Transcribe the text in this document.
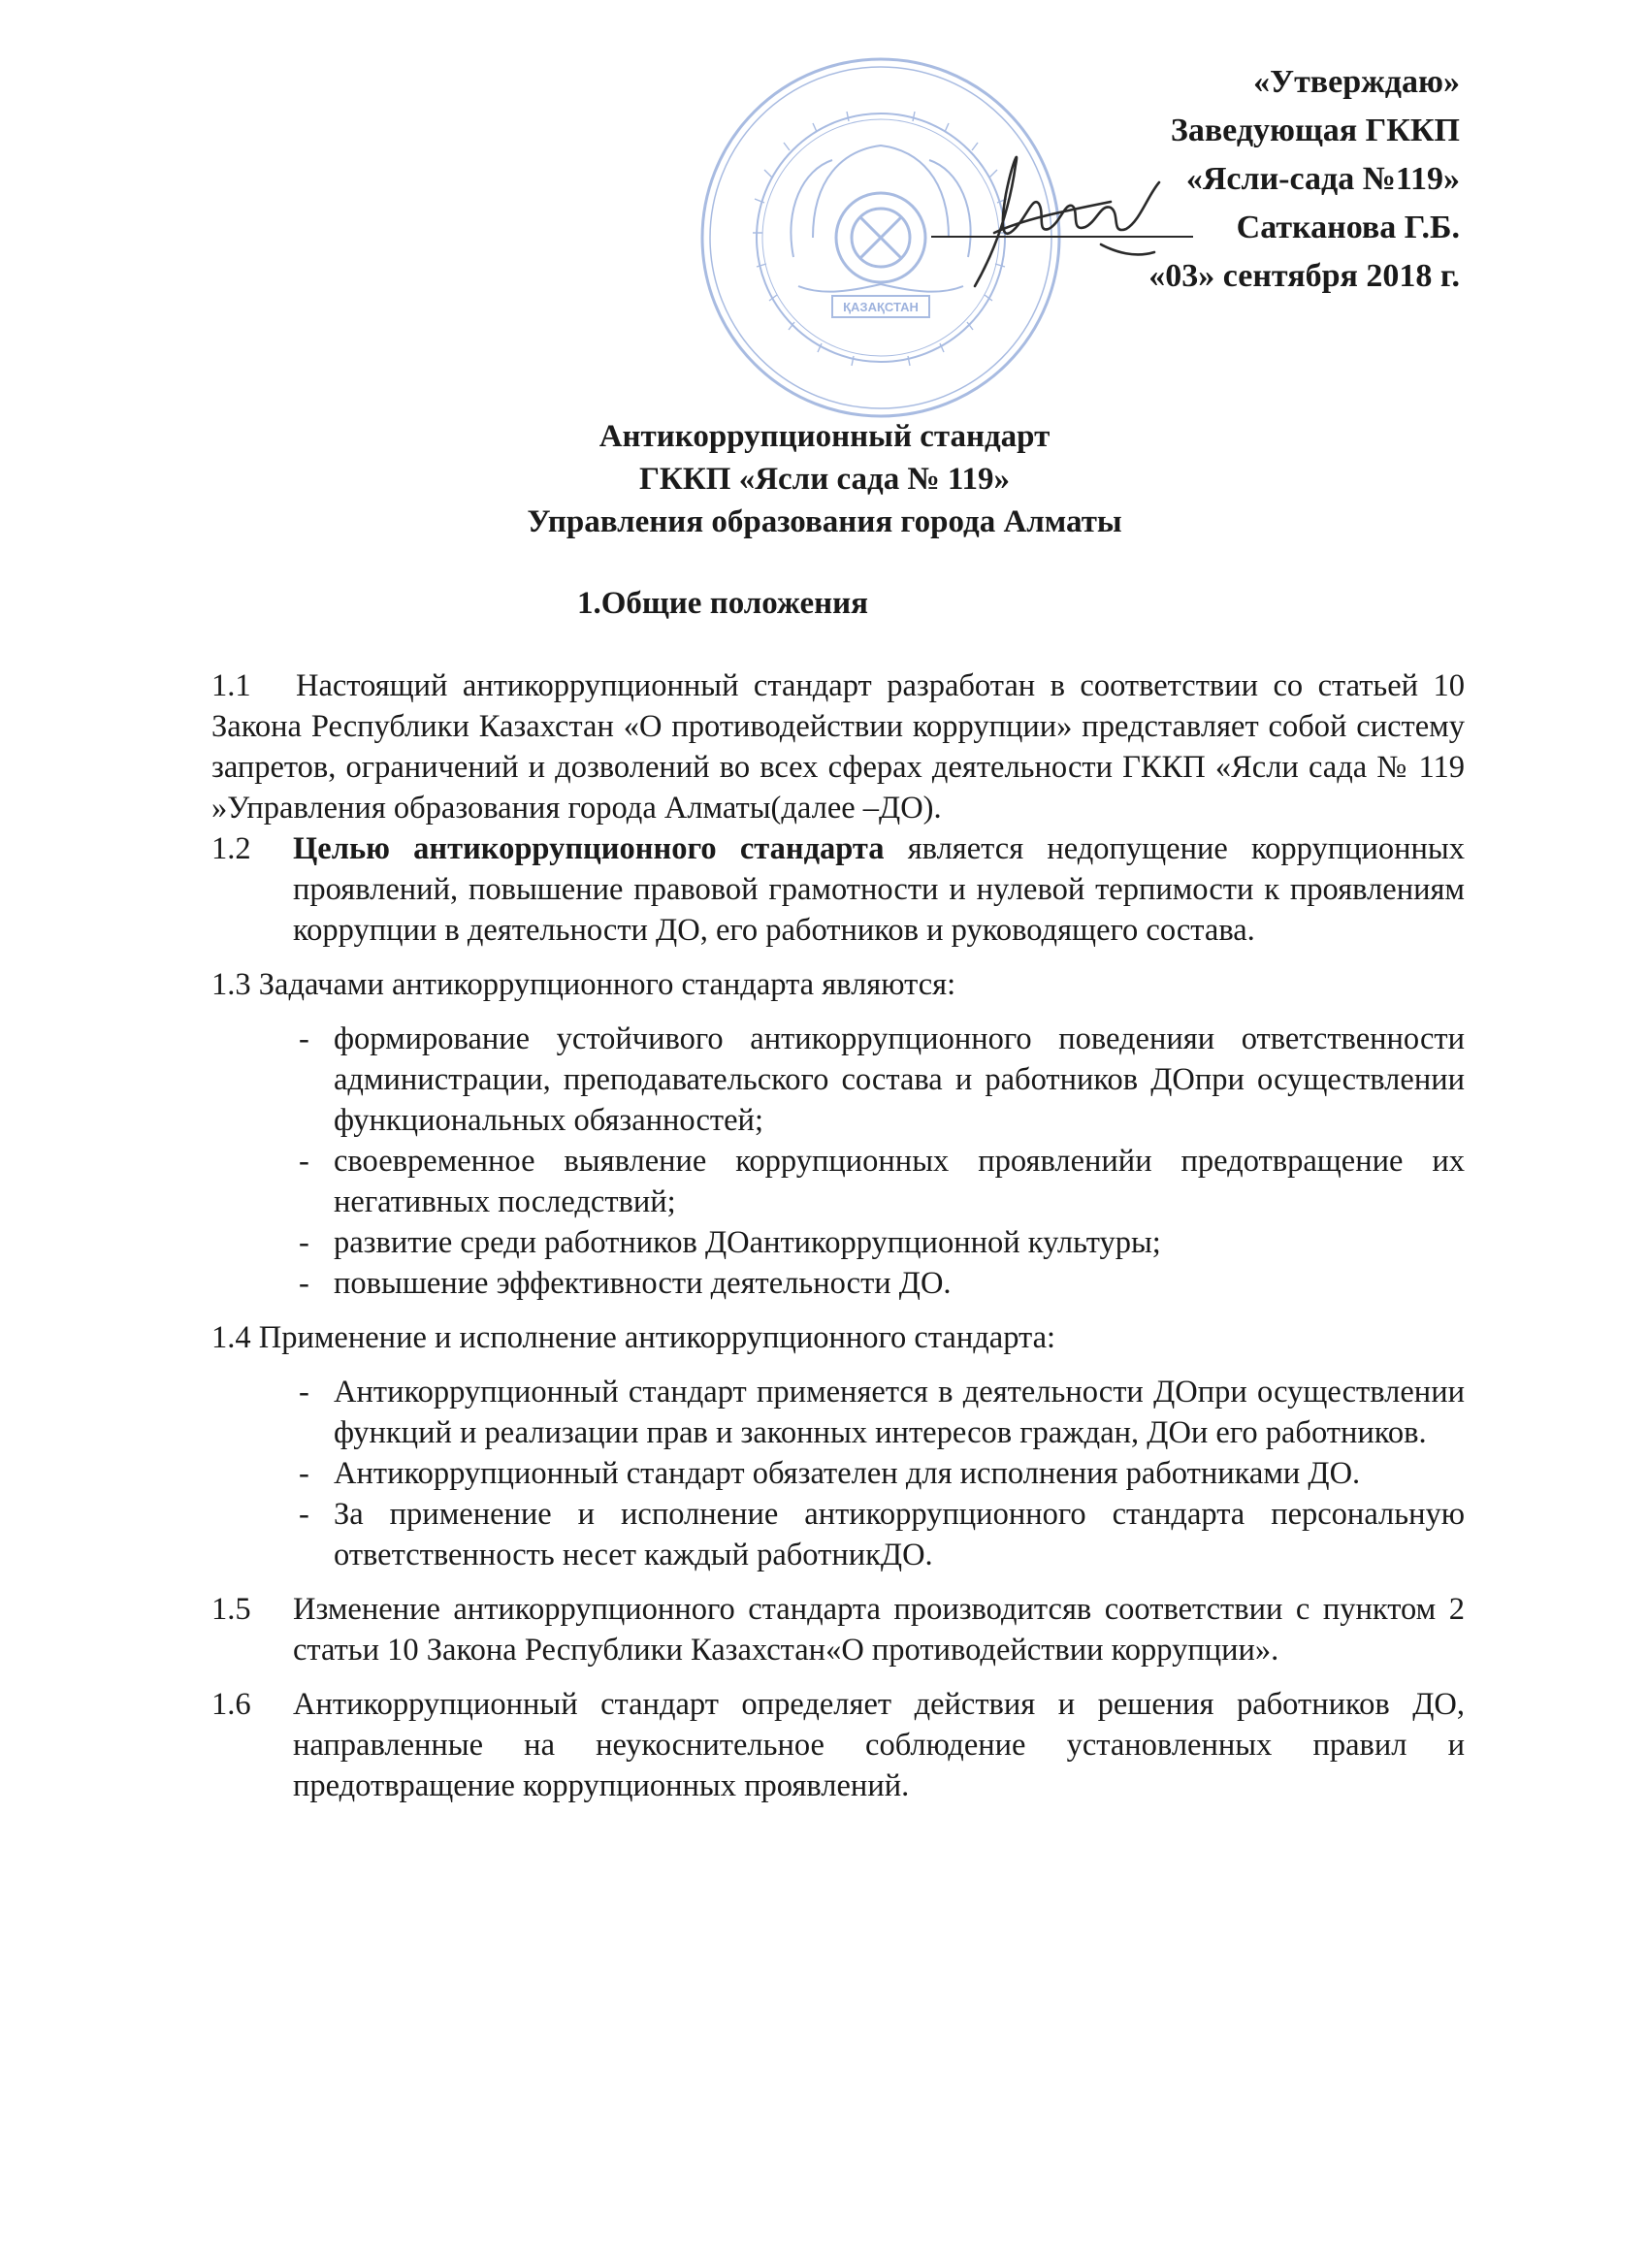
ҚАЗАҚСТАН
«Утверждаю»
Заведующая ГККП
«Ясли-сада №119»
Сатканова Г.Б.
«03» сентября 2018 г.
Антикоррупционный стандарт
ГККП «Ясли сада № 119»
Управления образования города Алматы
1.Общие положения

1.1 Настоящий антикоррупционный стандарт разработан в соответствии со статьей 10 Закона Республики Казахстан «О противодействии коррупции» представляет собой систему запретов, ограничений и дозволений во всех сферах деятельности ГККП «Ясли сада № 119 »Управления образования города Алматы(далее –ДО).

1.2 Целью антикоррупционного стандарта является недопущение коррупционных проявлений, повышение правовой грамотности и нулевой терпимости к проявлениям коррупции в деятельности ДО, его работников и руководящего состава.

1.3 Задачами антикоррупционного стандарта являются:

- формирование устойчивого антикоррупционного поведенияи ответственности администрации, преподавательского состава и работников ДОпри осуществлении функциональных обязанностей;
- своевременное выявление коррупционных проявленийи предотвращение их негативных последствий;
- развитие среди работников ДОантикоррупционной культуры;
- повышение эффективности деятельности ДО.

1.4 Применение и исполнение антикоррупционного стандарта:

- Антикоррупционный стандарт применяется в деятельности ДОпри осуществлении функций и реализации прав и законных интересов граждан, ДОи его работников.
- Антикоррупционный стандарт обязателен для исполнения работниками ДО.
- За применение и исполнение антикоррупционного стандарта персональную ответственность несет каждый работникДО.

1.5 Изменение антикоррупционного стандарта производитсяв соответствии с пунктом 2 статьи 10 Закона Республики Казахстан«О противодействии коррупции».

1.6 Антикоррупционный стандарт определяет действия и решения работников ДО, направленные на неукоснительное соблюдение установленных правил и предотвращение коррупционных проявлений.
